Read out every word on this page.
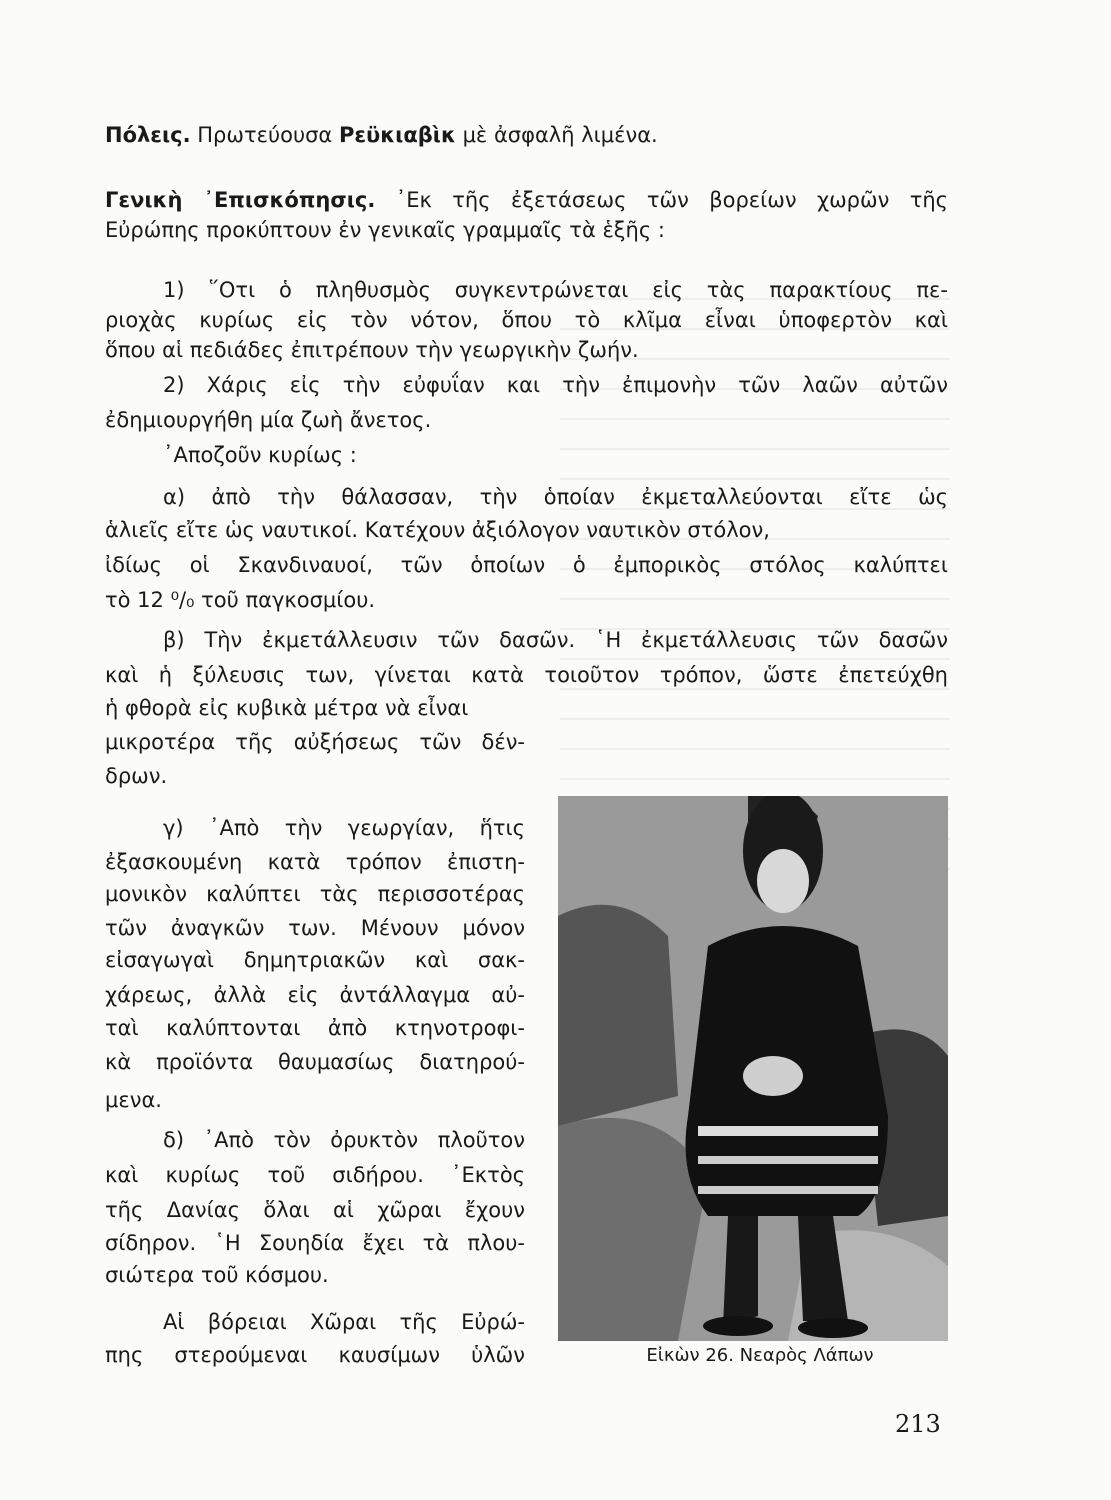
Πόλεις. Πρωτεύουσα Ρεϋκιαβὶκ μὲ ἀσφαλῆ λιμένα.
Γενικὴ ᾿Επισκόπησις. ᾿Εκ τῆς ἐξετάσεως τῶν βορείων χωρῶν τῆς
Εὐρώπης προκύπτουν ἐν γενικαῖς γραμμαῖς τὰ ἑξῆς :
1) ῞Οτι ὁ πληθυσμὸς συγκεντρώνεται εἰς τὰς παρακτίους πε-
ριοχὰς κυρίως εἰς τὸν νότον, ὅπου τὸ κλῖμα εἶναι ὑποφερτὸν καὶ
ὅπου αἱ πεδιάδες ἐπιτρέπουν τὴν γεωργικὴν ζωήν.
2) Χάρις εἰς τὴν εὐφυΐαν και τὴν ἐπιμονὴν τῶν λαῶν αὐτῶν
ἐδημιουργήθη μία ζωὴ ἄνετος.
᾿Αποζοῦν κυρίως :
α) ἀπὸ τὴν θάλασσαν, τὴν ὁποίαν ἐκμεταλλεύονται εἴτε ὡς
ἁλιεῖς εἴτε ὡς ναυτικοί. Κατέχουν ἀξιόλογον ναυτικὸν στόλον,
ἰδίως οἱ Σκανδιναυοί, τῶν ὁποίων ὁ ἐμπορικὸς στόλος καλύπτει
τὸ 12 ⁰/₀ τοῦ παγκοσμίου.
β) Τὴν ἐκμετάλλευσιν τῶν δασῶν. ῾Η ἐκμετάλλευσις τῶν δασῶν
καὶ ἡ ξύλευσις των, γίνεται κατὰ τοιοῦτον τρόπον, ὥστε ἐπετεύχθη
ἡ φθορὰ εἰς κυβικὰ μέτρα νὰ εἶναι
μικροτέρα τῆς αὐξήσεως τῶν δέν-
δρων.
γ) ᾿Απὸ τὴν γεωργίαν, ἥτις
ἐξασκουμένη κατὰ τρόπον ἐπιστη-
μονικὸν καλύπτει τὰς περισσοτέρας
τῶν ἀναγκῶν των. Μένουν μόνον
εἰσαγωγαὶ δημητριακῶν καὶ σακ-
χάρεως, ἀλλὰ εἰς ἀντάλλαγμα αὐ-
ταὶ καλύπτονται ἀπὸ κτηνοτροφι-
κὰ προϊόντα θαυμασίως διατηρού-
μενα.
δ) ᾿Απὸ τὸν ὀρυκτὸν πλοῦτον
καὶ κυρίως τοῦ σιδήρου. ᾿Εκτὸς
τῆς Δανίας ὅλαι αἱ χῶραι ἔχουν
σίδηρον. ῾Η Σουηδία ἔχει τὰ πλου-
σιώτερα τοῦ κόσμου.
Αἱ βόρειαι Χῶραι τῆς Εὐρώ-
πης στερούμεναι καυσίμων ὑλῶν	Εἰκὼν 26. Νεαρὸς Λάπων
213
